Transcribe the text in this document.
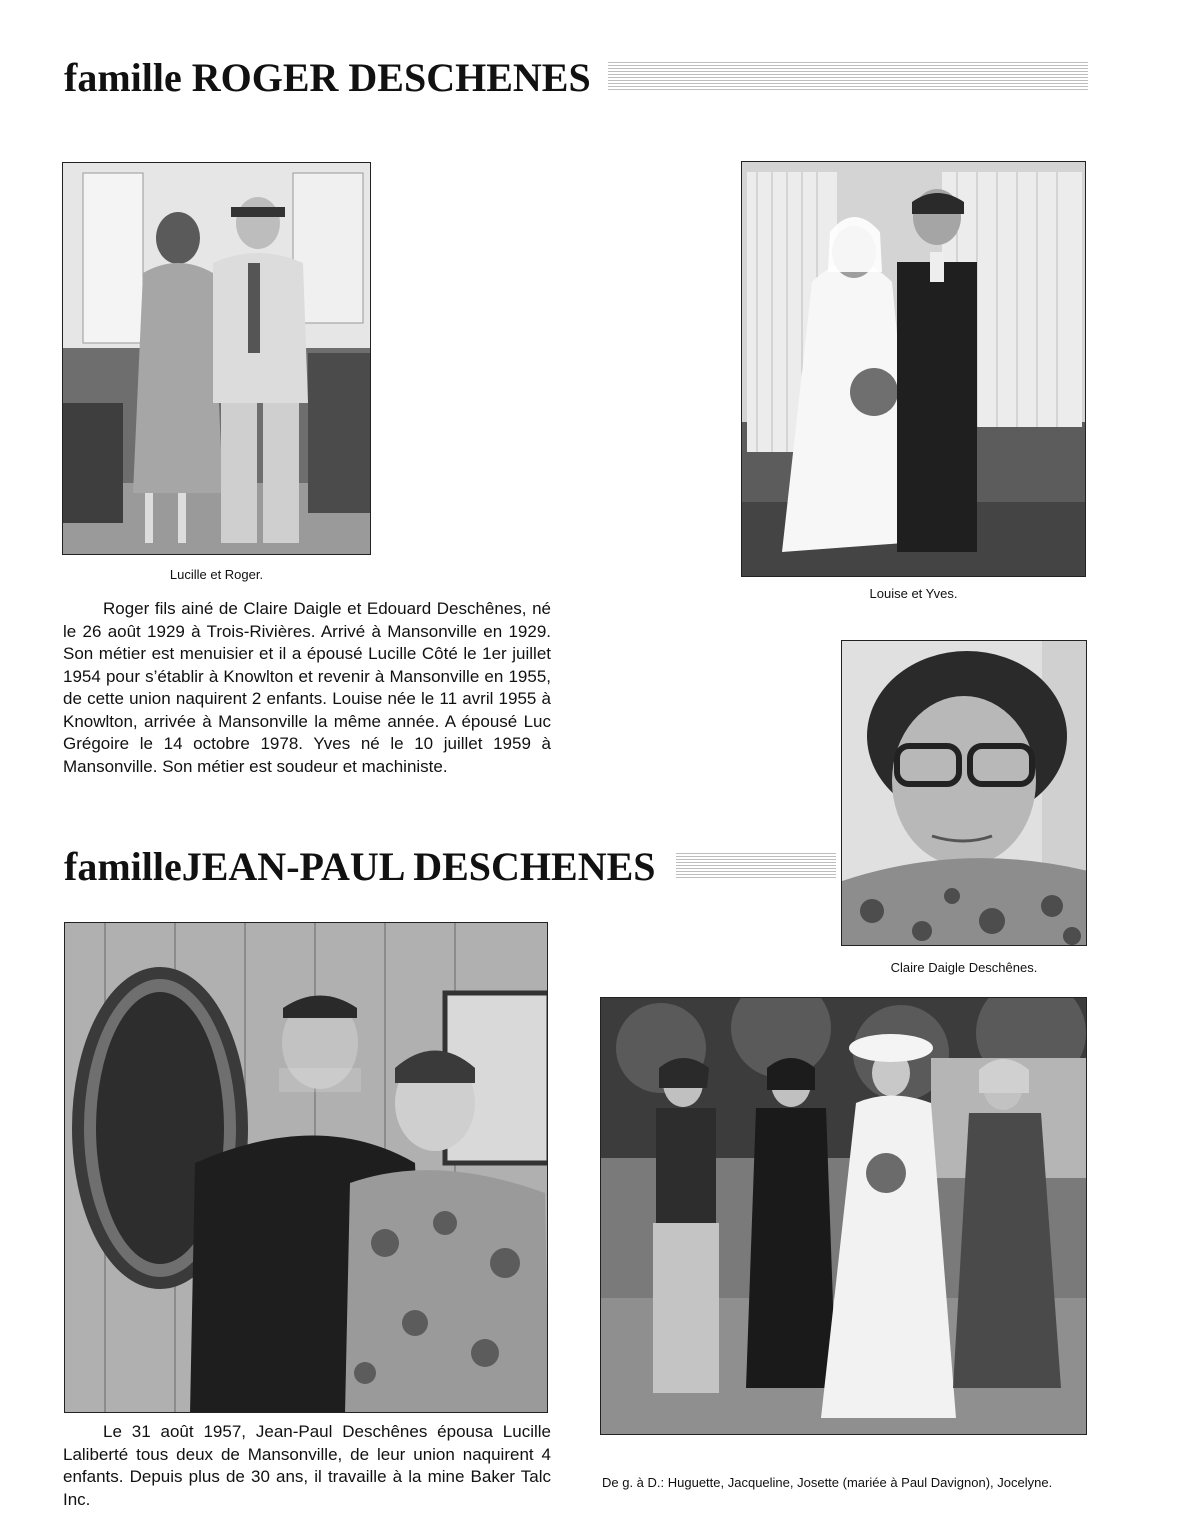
famille ROGER DESCHENES
Lucille et Roger.

Roger fils ainé de Claire Daigle et Edouard Deschênes, né le 26 août 1929 à Trois-Rivières. Arrivé à Mansonville en 1929. Son métier est menuisier et il a épousé Lucille Côté le 1er juillet 1954 pour s’établir à Knowlton et revenir à Mansonville en 1955, de cette union naquirent 2 enfants. Louise née le 11 avril 1955 à Knowlton, arrivée à Mansonville la même année. A épousé Luc Grégoire le 14 octobre 1978. Yves né le 10 juillet 1959 à Mansonville. Son métier est soudeur et machiniste.

Louise et Yves.
familleJEAN-PAUL DESCHENES
Claire Daigle Deschênes.

Le 31 août 1957, Jean-Paul Deschênes épousa Lucille Laliberté tous deux de Mansonville, de leur union naquirent 4 enfants. Depuis plus de 30 ans, il travaille à la mine Baker Talc Inc.

De g. à D.: Huguette, Jacqueline, Josette (mariée à Paul Davignon), Jocelyne.
